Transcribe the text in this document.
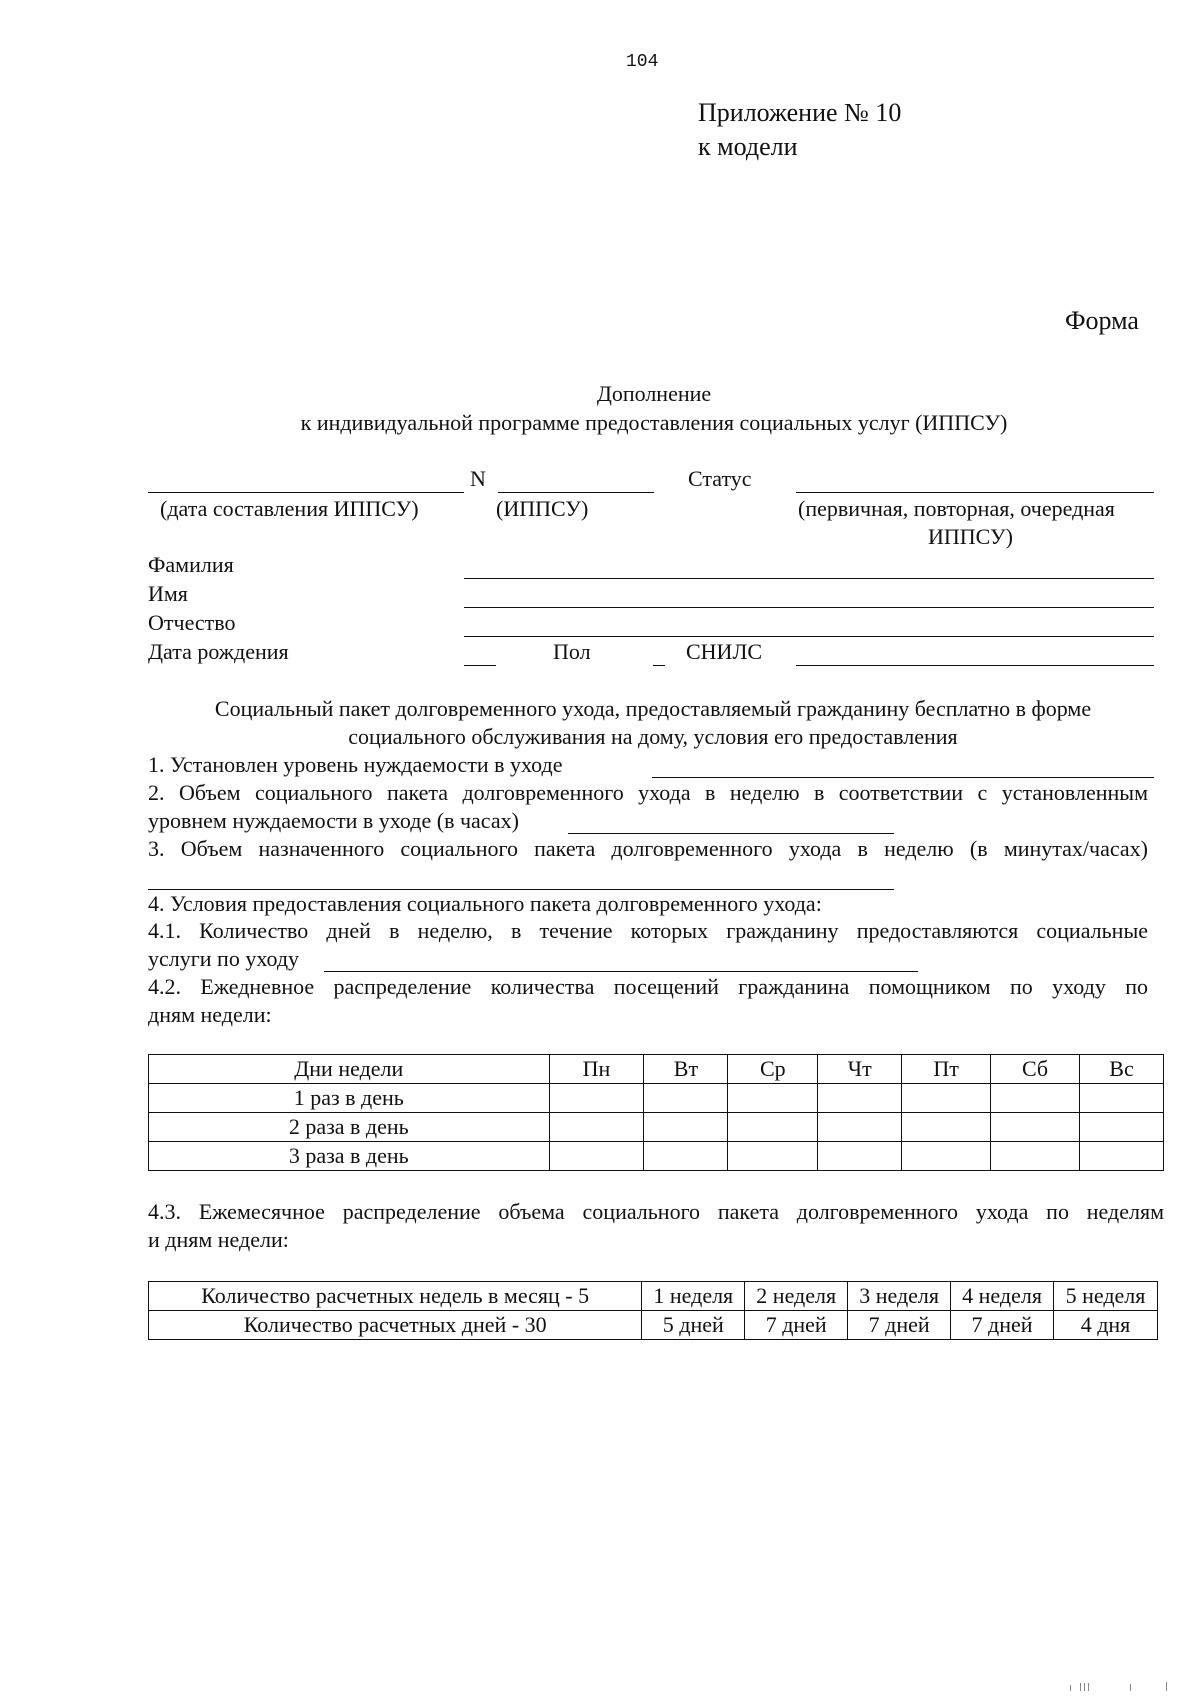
104
Приложение № 10
к модели
Форма
Дополнение
к индивидуальной программе предоставления социальных услуг (ИППСУ)
N	Статус
(дата составления ИППСУ)	(ИППСУ)	(первичная, повторная, очередная
ИППСУ)
Фамилия
Имя
Отчество
Дата рождения	Пол	СНИЛС
Социальный пакет долговременного ухода, предоставляемый гражданину бесплатно в форме
социального обслуживания на дому, условия его предоставления
1. Установлен уровень нуждаемости в уходе
2. Объем социального пакета долговременного ухода в неделю в соответствии с установленным
уровнем нуждаемости в уходе (в часах)
3. Объем назначенного социального пакета долговременного ухода в неделю (в минутах/часах)
4. Условия предоставления социального пакета долговременного ухода:
4.1. Количество дней в неделю, в течение которых гражданину предоставляются социальные
услуги по уходу
4.2. Ежедневное распределение количества посещений гражданина помощником по уходу по
дням недели:
Дни недели	Пн	Вт	Ср	Чт	Пт	Сб	Вс
1 раз в день							
2 раза в день							
3 раза в день							
4.3. Ежемесячное распределение объема социального пакета долговременного ухода по неделям
и дням недели:
Количество расчетных недель в месяц - 5	1 неделя	2 неделя	3 неделя	4 неделя	5 неделя
Количество расчетных дней - 30	5 дней	7 дней	7 дней	7 дней	4 дня
